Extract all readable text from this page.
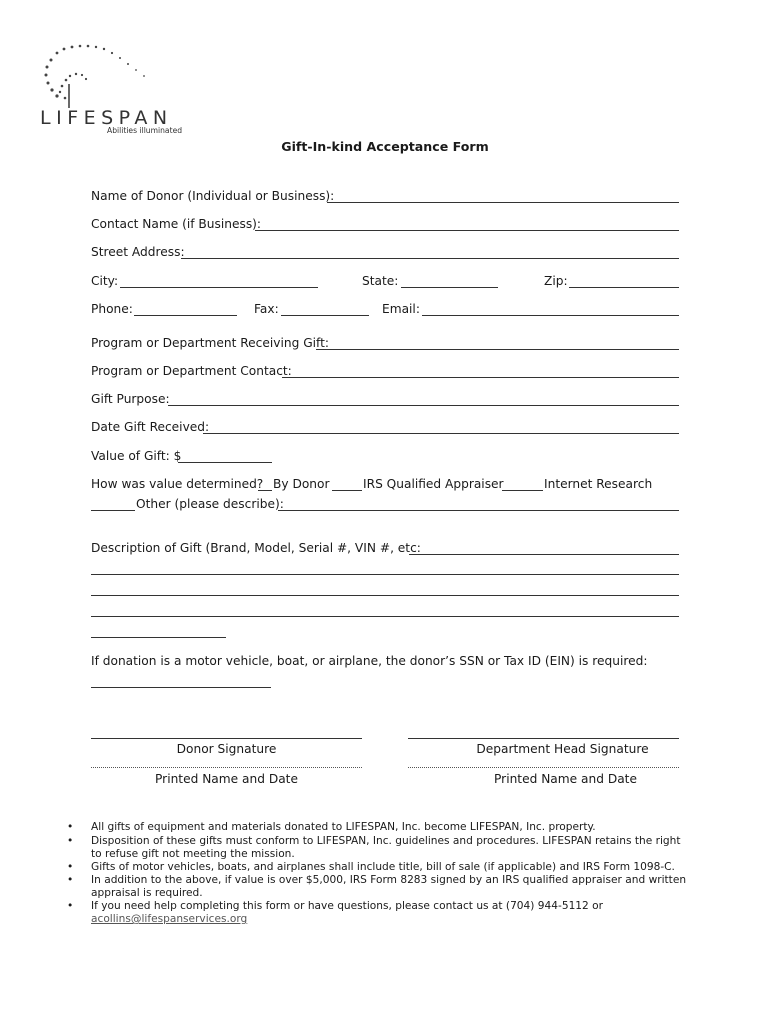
LIFESPAN
Abilities illuminated
Gift-In-kind Acceptance Form
Name of Donor (Individual or Business):
Contact Name (if Business):
Street Address:
City:	State:	Zip:
Phone:	Fax:	Email:
Program or Department Receiving Gift:
Program or Department Contact:
Gift Purpose:
Date Gift Received:
Value of Gift: $
How was value determined? By Donor	IRS Qualified Appraiser	Internet Research
Other (please describe):
Description of Gift (Brand, Model, Serial #, VIN #, etc:
If donation is a motor vehicle, boat, or airplane, the donor’s SSN or Tax ID (EIN) is required:
Donor Signature	Department Head Signature
Printed Name and Date	Printed Name and Date
• All gifts of equipment and materials donated to LIFESPAN, Inc. become LIFESPAN, Inc. property.
• Disposition of these gifts must conform to LIFESPAN, Inc. guidelines and procedures. LIFESPAN retains the right to refuse gift not meeting the mission.
• Gifts of motor vehicles, boats, and airplanes shall include title, bill of sale (if applicable) and IRS Form 1098-C.
• In addition to the above, if value is over $5,000, IRS Form 8283 signed by an IRS qualified appraiser and written appraisal is required.
• If you need help completing this form or have questions, please contact us at (704) 944-5112 or
acollins@lifespanservices.org
